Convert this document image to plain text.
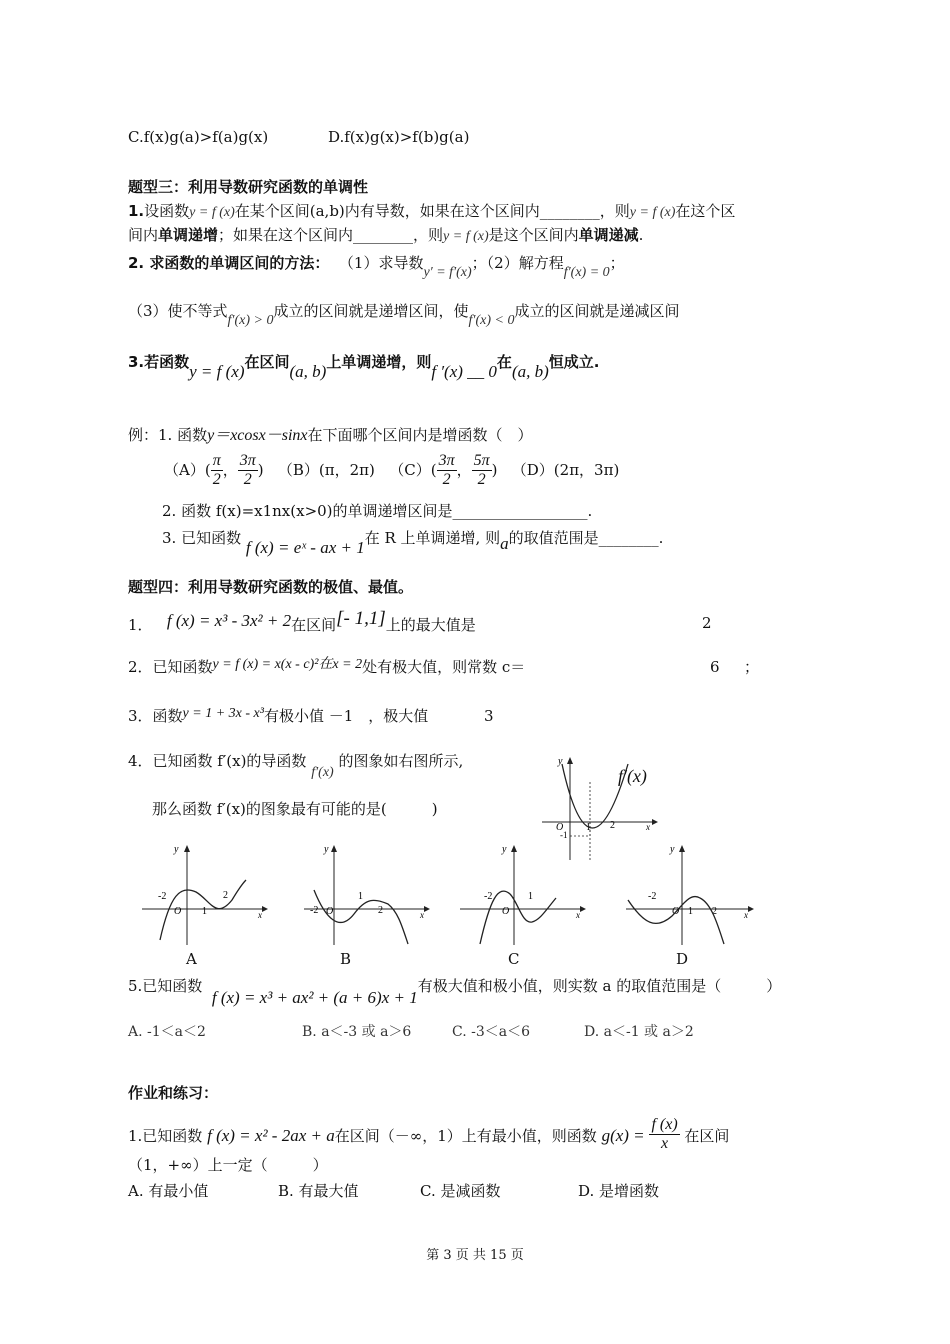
C.f(x)g(a)>f(a)g(x)	D.f(x)g(x)>f(b)g(a)
题型三：利用导数研究函数的单调性
1.设函数y = f (x)在某个区间(a,b)内有导数，如果在这个区间内________，则y = f (x)在这个区
间内单调递增；如果在这个区间内________，则y = f (x)是这个区间内单调递减.
2. 求函数的单调区间的方法： （1）求导数y′ = f′(x)；（2）解方程f′(x) = 0；
（3）使不等式f′(x) > 0成立的区间就是递增区间，使f′(x) < 0成立的区间就是递减区间
3.若函数y = f (x)在区间(a, b)上单调递增，则f ′(x) __ 0在(a, b)恒成立.
例：1. 函数y＝xcosx－sinx在下面哪个区间内是增函数（　）
$(A)( \frac{\pi}{2}$ ， $\frac{3\pi}{2}$ ) （B）(π，2π) $(C)( \frac{3\pi}{2}$ ， $\frac{5\pi}{2}$ ) （D）(2π，3π)
2. 函数 f(x)=x1nx(x>0)的单调递增区间是__________________.
3. 已知函数 f (x) = eˣ - ax + 1在 R 上单调递增, 则a的取值范围是________.
题型四：利用导数研究函数的极值、最值。
1． f (x) = x³ - 3x² + 2在区间[- 1,1]上的最大值是	2
2．已知函数y = f (x) = x(x - c)²在x = 2处有极大值，则常数 c＝	6 ；
3．函数y = 1 + 3x - x³有极小值 －1　，极大值	3
4．已知函数 f′(x)的导函数 f′(x) 的图象如右图所示,
那么函数 f′(x)的图象最有可能的是(　　　)
y
O 1 2
-1
x
f′(x)
y
-2	2
O 1	x
A
y
-2 O
1
2	x
B
y
-2	1
O	x
C
y
-2
O 1 2	x
D
5.已知函数  f (x) = x³ + ax² + (a + 6)x + 1有极大值和极小值，则实数 a 的取值范围是（　　　）
A. -1＜a＜2	B. a＜-3 或 a＞6	C. -3＜a＜6	D. a＜-1 或 a＞2
作业和练习：
1.已知函数 f (x) = x² - 2ax + a在区间（－∞，1）上有最小值，则函数 $g(x) = \frac{f (x)}{x}$ 在区间
（1，+∞）上一定（　　　）
A. 有最小值	B. 有最大值	C. 是减函数	D. 是增函数
第 3 页 共 15 页
